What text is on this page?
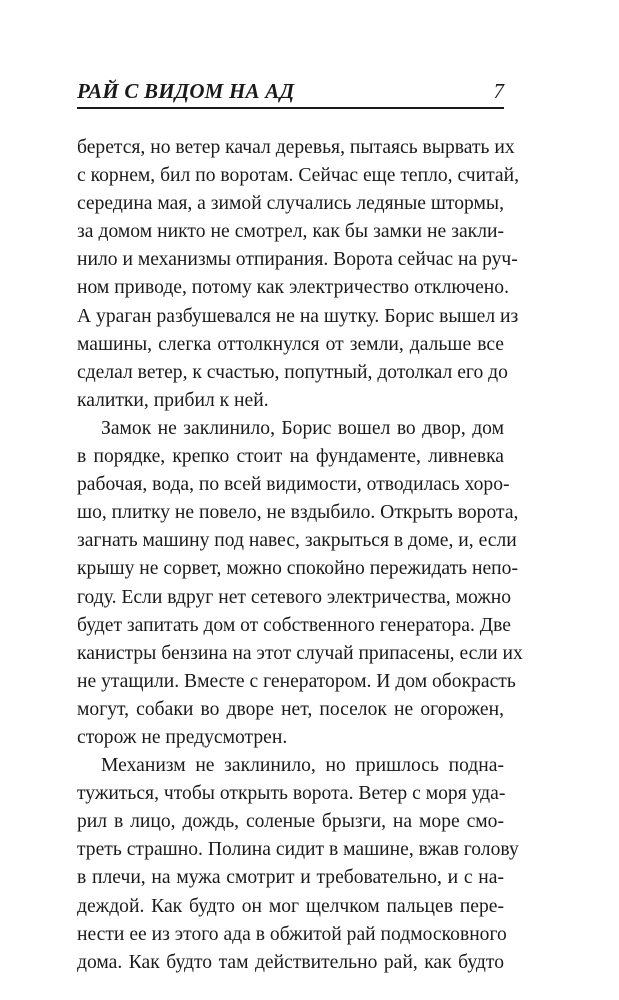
РАЙ С ВИДОМ НА АД	7
берется, но ветер качал деревья, пытаясь вырвать их
с корнем, бил по воротам. Сейчас еще тепло, считай,
середина мая, а зимой случались ледяные штормы,
за домом никто не смотрел, как бы замки не закли-
нило и механизмы отпирания. Ворота сейчас на руч-
ном приводе, потому как электричество отключено.
А ураган разбушевался не на шутку. Борис вышел из
машины, слегка оттолкнулся от земли, дальше все
сделал ветер, к счастью, попутный, дотолкал его до
калитки, прибил к ней.
Замок не заклинило, Борис вошел во двор, дом
в порядке, крепко стоит на фундаменте, ливневка
рабочая, вода, по всей видимости, отводилась хоро-
шо, плитку не повело, не вздыбило. Открыть ворота,
загнать машину под навес, закрыться в доме, и, если
крышу не сорвет, можно спокойно пережидать непо-
году. Если вдруг нет сетевого электричества, можно
будет запитать дом от собственного генератора. Две
канистры бензина на этот случай припасены, если их
не утащили. Вместе с генератором. И дом обокрасть
могут, собаки во дворе нет, поселок не огорожен,
сторож не предусмотрен.
Механизм не заклинило, но пришлось подна-
тужиться, чтобы открыть ворота. Ветер с моря уда-
рил в лицо, дождь, соленые брызги, на море смо-
треть страшно. Полина сидит в машине, вжав голову
в плечи, на мужа смотрит и требовательно, и с на-
деждой. Как будто он мог щелчком пальцев пере-
нести ее из этого ада в обжитой рай подмосковного
дома. Как будто там действительно рай, как будто
